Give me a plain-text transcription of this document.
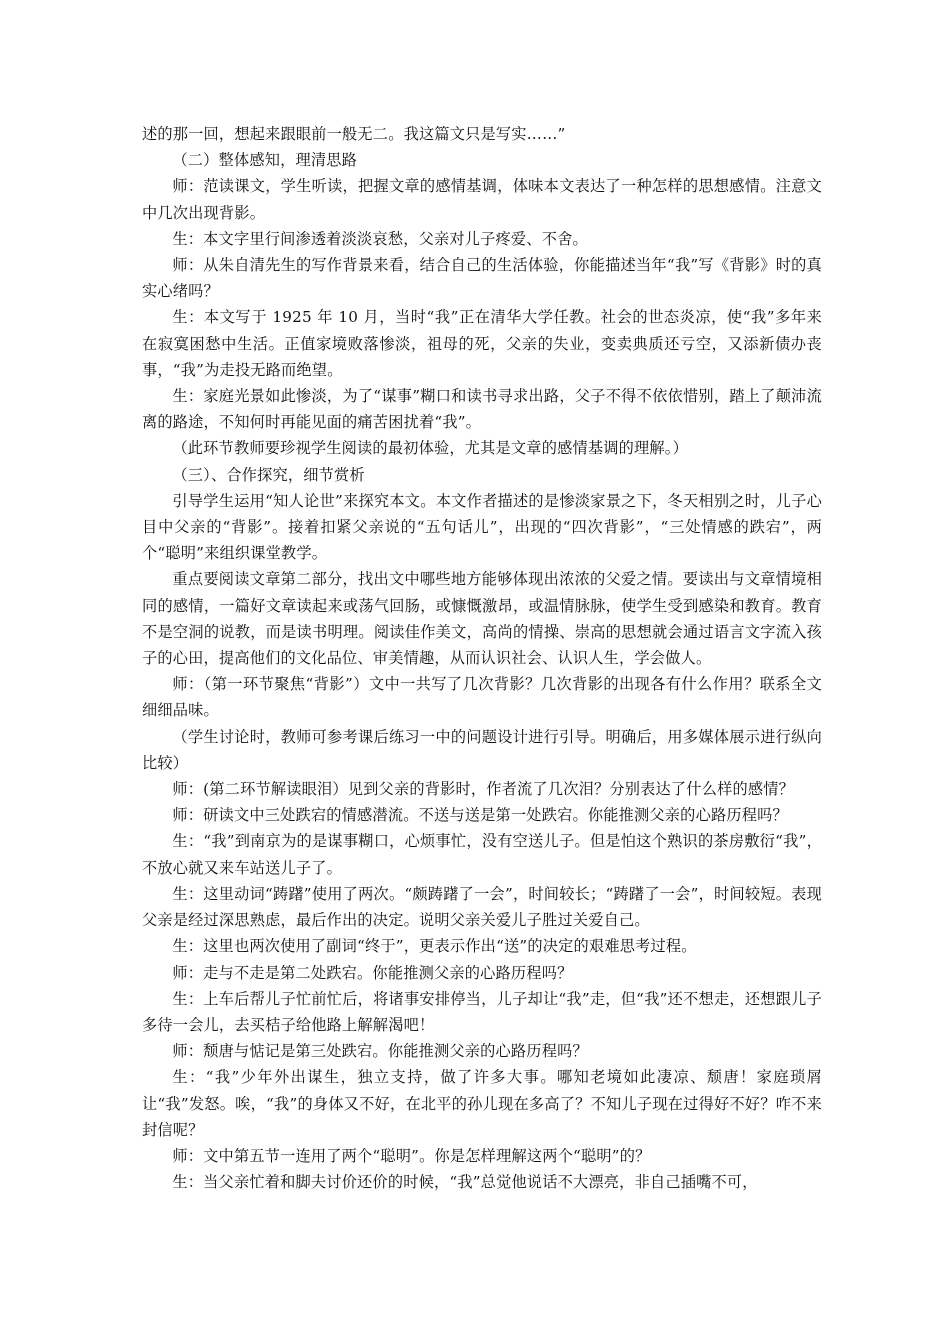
述的那一回，想起来跟眼前一般无二。我这篇文只是写实……”

（二）整体感知，理清思路

师：范读课文，学生听读，把握文章的感情基调，体味本文表达了一种怎样的思想感情。注意文中几次出现背影。

生：本文字里行间渗透着淡淡哀愁，父亲对儿子疼爱、不舍。

师：从朱自清先生的写作背景来看，结合自己的生活体验，你能描述当年“我”写《背影》时的真实心绪吗？

生：本文写于 1925 年 10 月，当时“我”正在清华大学任教。社会的世态炎凉，使“我”多年来在寂寞困愁中生活。正值家境败落惨淡，祖母的死，父亲的失业，变卖典质还亏空，又添新债办丧事，“我”为走投无路而绝望。

生：家庭光景如此惨淡，为了“谋事”糊口和读书寻求出路，父子不得不依依惜别，踏上了颠沛流离的路途，不知何时再能见面的痛苦困扰着“我”。

（此环节教师要珍视学生阅读的最初体验，尤其是文章的感情基调的理解。）

（三）、合作探究，细节赏析

引导学生运用“知人论世”来探究本文。本文作者描述的是惨淡家景之下，冬天相别之时，儿子心目中父亲的“背影”。接着扣紧父亲说的“五句话儿”，出现的“四次背影”，“三处情感的跌宕”，两个“聪明”来组织课堂教学。

重点要阅读文章第二部分，找出文中哪些地方能够体现出浓浓的父爱之情。要读出与文章情境相同的感情，一篇好文章读起来或荡气回肠，或慷慨激昂，或温情脉脉，使学生受到感染和教育。教育不是空洞的说教，而是读书明理。阅读佳作美文，高尚的情操、崇高的思想就会通过语言文字流入孩子的心田，提高他们的文化品位、审美情趣，从而认识社会、认识人生，学会做人。

师：（第一环节聚焦“背影”）文中一共写了几次背影？几次背影的出现各有什么作用？联系全文细细品味。

（学生讨论时，教师可参考课后练习一中的问题设计进行引导。明确后，用多媒体展示进行纵向比较）

师：(第二环节解读眼泪）见到父亲的背影时，作者流了几次泪？分别表达了什么样的感情？

师：研读文中三处跌宕的情感潜流。不送与送是第一处跌宕。你能推测父亲的心路历程吗？

生：“我”到南京为的是谋事糊口，心烦事忙，没有空送儿子。但是怕这个熟识的茶房敷衍“我”，不放心就又来车站送儿子了。

生：这里动词“踌躇”使用了两次。“颇踌躇了一会”，时间较长；“踌躇了一会”，时间较短。表现父亲是经过深思熟虑，最后作出的决定。说明父亲关爱儿子胜过关爱自己。

生：这里也两次使用了副词“终于”，更表示作出“送”的决定的艰难思考过程。

师：走与不走是第二处跌宕。你能推测父亲的心路历程吗？

生：上车后帮儿子忙前忙后，将诸事安排停当，儿子却让“我”走，但“我”还不想走，还想跟儿子多待一会儿，去买桔子给他路上解解渴吧！

师：颓唐与惦记是第三处跌宕。你能推测父亲的心路历程吗？

生：“我”少年外出谋生，独立支持，做了许多大事。哪知老境如此凄凉、颓唐！家庭琐屑让“我”发怒。唉，“我”的身体又不好，在北平的孙儿现在多高了？不知儿子现在过得好不好？咋不来封信呢？

师：文中第五节一连用了两个“聪明”。你是怎样理解这两个“聪明”的？

生：当父亲忙着和脚夫讨价还价的时候，“我”总觉他说话不大漂亮，非自己插嘴不可，
